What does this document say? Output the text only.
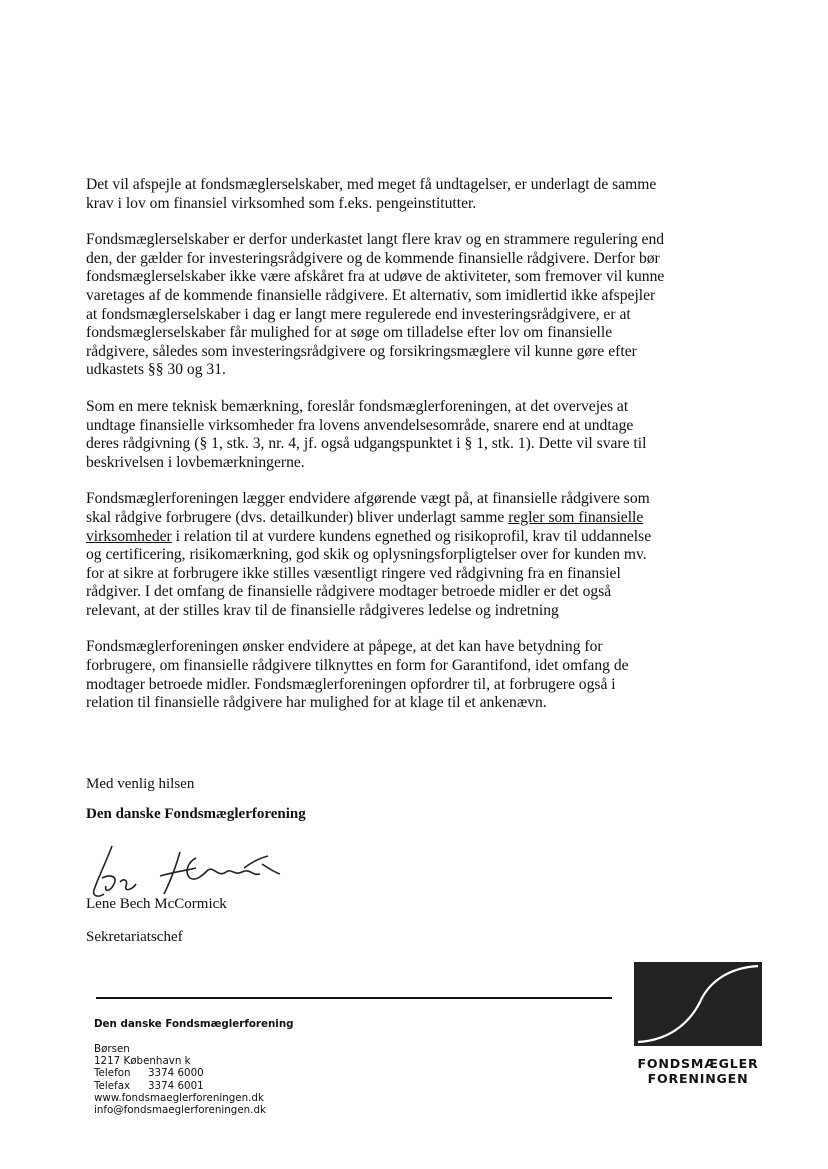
Det vil afspejle at fondsmæglerselskaber, med meget få undtagelser, er underlagt de samme krav i lov om finansiel virksomhed som f.eks. pengeinstitutter.

Fondsmæglerselskaber er derfor underkastet langt flere krav og en strammere regulering end den, der gælder for investeringsrådgivere og de kommende finansielle rådgivere. Derfor bør fondsmæglerselskaber ikke være afskåret fra at udøve de aktiviteter, som fremover vil kunne varetages af de kommende finansielle rådgivere. Et alternativ, som imidlertid ikke afspejler at fondsmæglerselskaber i dag er langt mere regulerede end investeringsrådgivere, er at fondsmæglerselskaber får mulighed for at søge om tilladelse efter lov om finansielle rådgivere, således som investeringsrådgivere og forsikringsmæglere vil kunne gøre efter udkastets §§ 30 og 31.

Som en mere teknisk bemærkning, foreslår fondsmæglerforeningen, at det overvejes at undtage finansielle virksomheder fra lovens anvendelsesområde, snarere end at undtage deres rådgivning (§ 1, stk. 3, nr. 4, jf. også udgangspunktet i § 1, stk. 1). Dette vil svare til beskrivelsen i lovbemærkningerne.

Fondsmæglerforeningen lægger endvidere afgørende vægt på, at finansielle rådgivere som skal rådgive forbrugere (dvs. detailkunder) bliver underlagt samme regler som finansielle virksomheder i relation til at vurdere kundens egnethed og risikoprofil, krav til uddannelse og certificering, risikomærkning, god skik og oplysningsforpligtelser over for kunden mv. for at sikre at forbrugere ikke stilles væsentligt ringere ved rådgivning fra en finansiel rådgiver. I det omfang de finansielle rådgivere modtager betroede midler er det også relevant, at der stilles krav til de finansielle rådgiveres ledelse og indretning

Fondsmæglerforeningen ønsker endvidere at påpege, at det kan have betydning for forbrugere, om finansielle rådgivere tilknyttes en form for Garantifond, idet omfang de modtager betroede midler. Fondsmæglerforeningen opfordrer til, at forbrugere også i relation til finansielle rådgivere har mulighed for at klage til et ankenævn.

Med venlig hilsen
Den danske Fondsmæglerforening
Lene Bech McCormick
Sekretariatschef
Den danske Fondsmæglerforening
Børsen
1217 København k
Telefon	3374 6000
Telefax	3374 6001
www.fondsmaeglerforeningen.dk
info@fondsmaeglerforeningen.dk
FONDSMÆGLER
FORENINGEN
